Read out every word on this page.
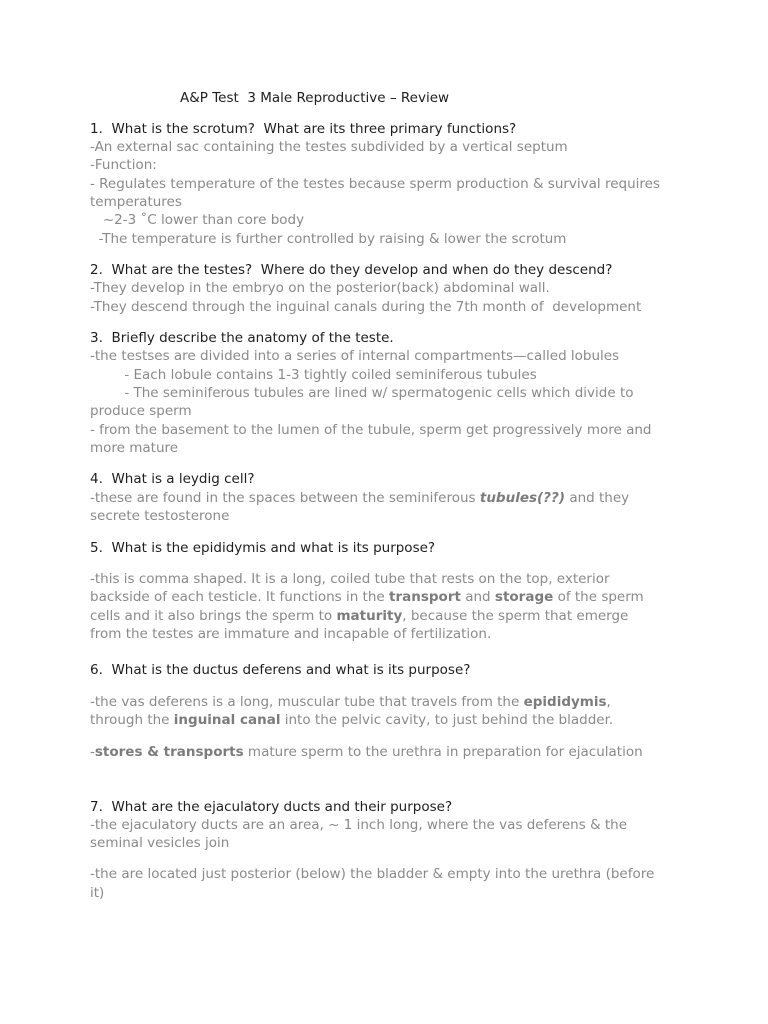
A&P Test  3 Male Reproductive – Review
1.  What is the scrotum?  What are its three primary functions?
-An external sac containing the testes subdivided by a vertical septum
-Function:
- Regulates temperature of the testes because sperm production & survival requires
temperatures
~2-3 ˚C lower than core body
-The temperature is further controlled by raising & lower the scrotum
2.  What are the testes?  Where do they develop and when do they descend?
-They develop in the embryo on the posterior(back) abdominal wall.
-They descend through the inguinal canals during the 7th month of  development
3.  Briefly describe the anatomy of the teste.
-the testses are divided into a series of internal compartments—called lobules
- Each lobule contains 1-3 tightly coiled seminiferous tubules
- The seminiferous tubules are lined w/ spermatogenic cells which divide to
produce sperm
- from the basement to the lumen of the tubule, sperm get progressively more and
more mature
4.  What is a leydig cell?
-these are found in the spaces between the seminiferous tubules(??) and they
secrete testosterone
5.  What is the epididymis and what is its purpose?
-this is comma shaped. It is a long, coiled tube that rests on the top, exterior
backside of each testicle. It functions in the transport and storage of the sperm
cells and it also brings the sperm to maturity, because the sperm that emerge
from the testes are immature and incapable of fertilization.
6.  What is the ductus deferens and what is its purpose?
-the vas deferens is a long, muscular tube that travels from the epididymis,
through the inguinal canal into the pelvic cavity, to just behind the bladder.
-stores & transports mature sperm to the urethra in preparation for ejaculation
7.  What are the ejaculatory ducts and their purpose?
-the ejaculatory ducts are an area, ~ 1 inch long, where the vas deferens & the
seminal vesicles join
-the are located just posterior (below) the bladder & empty into the urethra (before
it)
